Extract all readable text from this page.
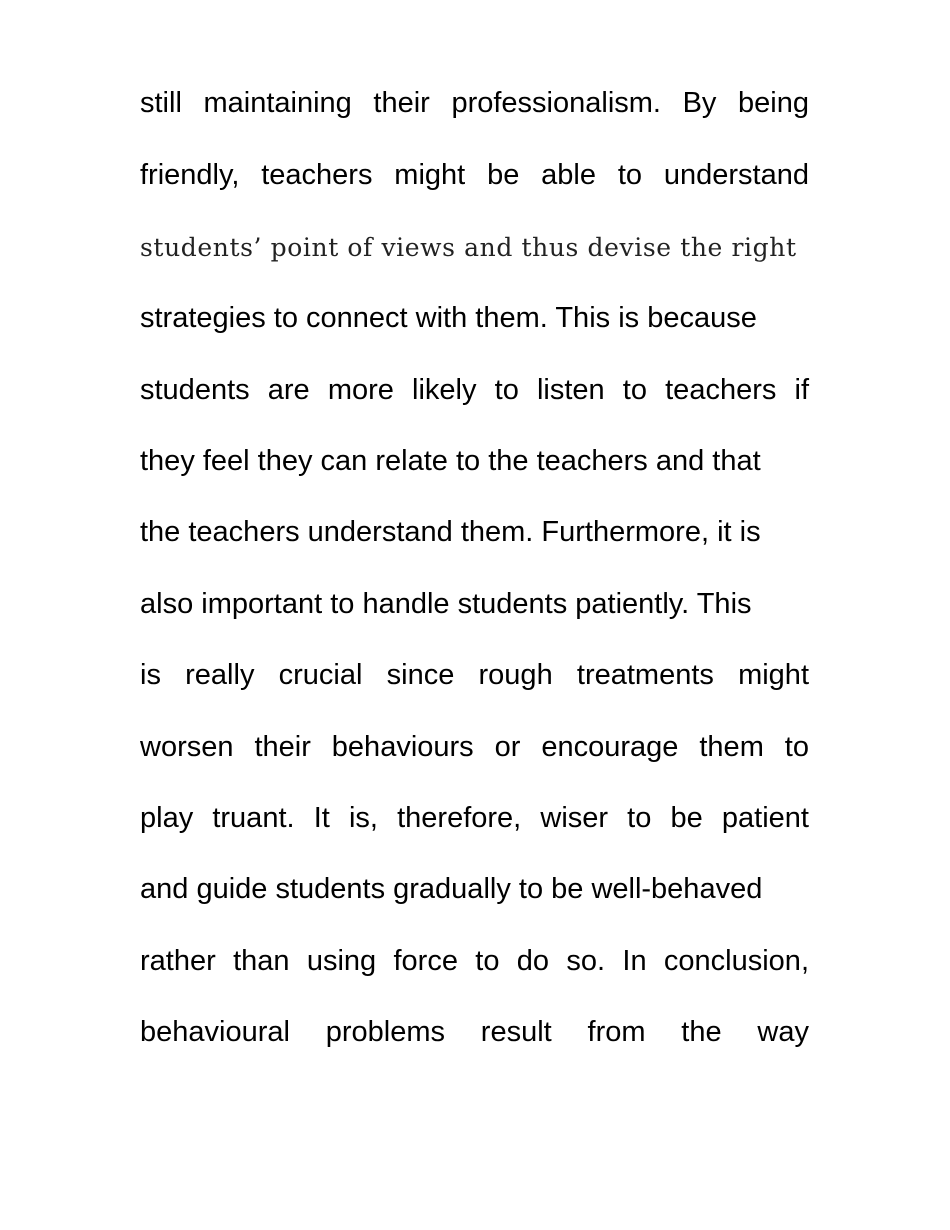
still maintaining their professionalism. By being
friendly, teachers might be able to understand
students’ point of views and thus devise the right
strategies to connect with them. This is because
students are more likely to listen to teachers if
they feel they can relate to the teachers and that
the teachers understand them. Furthermore, it is
also important to handle students patiently. This
is really crucial since rough treatments might
worsen their behaviours or encourage them to
play truant. It is, therefore, wiser to be patient
and guide students gradually to be well-behaved
rather than using force to do so. In conclusion,
behavioural problems result from the way
